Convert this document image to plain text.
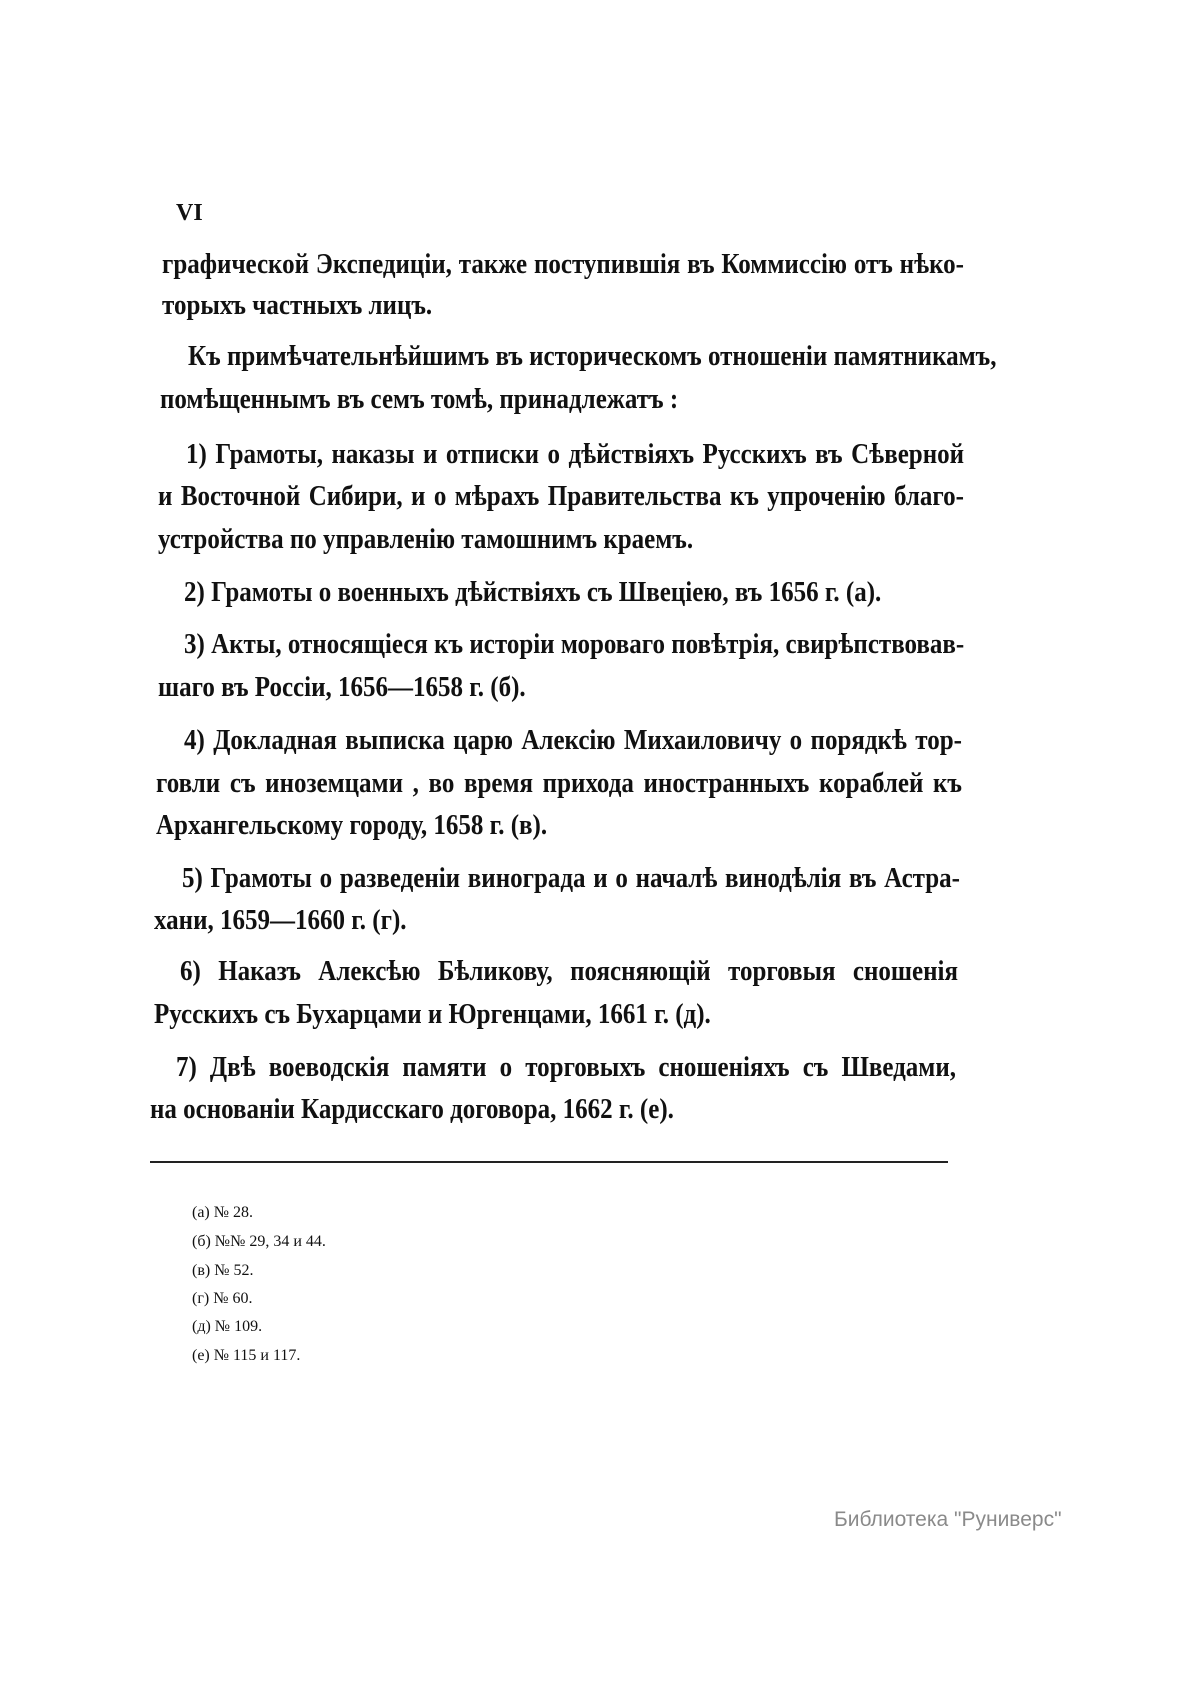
VI
графической Экспедиціи, также поступившія въ Коммиссію отъ нѣко-
торыхъ частныхъ лицъ.
Къ примѣчательнѣйшимъ въ историческомъ отношеніи памятникамъ,
помѣщеннымъ въ семъ томѣ, принадлежатъ :
1) Грамоты, наказы и отписки о дѣйствіяхъ Русскихъ въ Сѣверной
и Восточной Сибири, и о мѣрахъ Правительства къ упроченію благо-
устройства по управленію тамошнимъ краемъ.
2) Грамоты о военныхъ дѣйствіяхъ съ Швеціею, въ 1656 г. (а).
3) Акты, относящіеся къ исторіи мороваго повѣтрія, свирѣпствовав-
шаго въ Россіи, 1656—1658 г. (б).
4) Докладная выписка царю Алексію Михаиловичу о порядкѣ тор-
говли съ иноземцами , во время прихода иностранныхъ кораблей къ
Архангельскому городу, 1658 г. (в).
5) Грамоты о разведеніи винограда и о началѣ винодѣлія въ Астра-
хани, 1659—1660 г. (г).
6) Наказъ Алексѣю Бѣликову, поясняющій торговыя сношенія
Русскихъ съ Бухарцами и Юргенцами, 1661 г. (д).
7) Двѣ воеводскія памяти о торговыхъ сношеніяхъ съ Шведами,
на основаніи Кардисскаго договора, 1662 г. (е).
(а) № 28.
(б) №№ 29, 34 и 44.
(в) № 52.
(г) № 60.
(д) № 109.
(е) № 115 и 117.
Библиотека "Руниверс"
